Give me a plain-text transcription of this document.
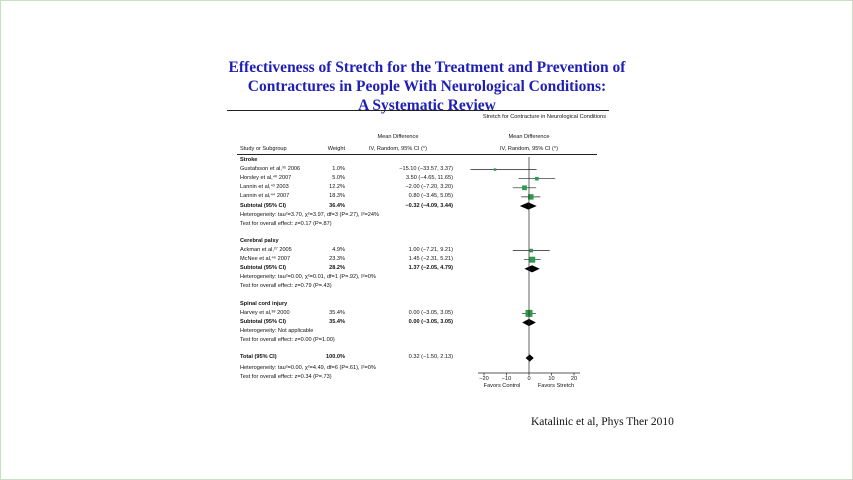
Effectiveness of Stretch for the Treatment and Prevention of
Contractures in People With Neurological Conditions:
A Systematic Review
Stretch for Contracture in Neurological Conditions
Mean Difference
Study or Subgroup	Weight	IV, Random, 95% CI (°)
Mean Difference
IV, Random, 95% CI (°)
Stroke
Gustafsson et al,³⁵ 2006	1.0%	−15.10 (−33.57, 3.37)
Horsley et al,⁴⁰ 2007	5.0%	3.50 (−4.65, 11.65)
Lannin et al,⁴³ 2003	12.2%	−2.00 (−7.20, 3.20)
Lannin et al,⁴⁴ 2007	18.3%	0.80 (−3.45, 5.05)
Subtotal (95% CI)	36.4%	−0.32 (−4.09, 3.44)
Heterogeneity: tau²=3.70, χ²=3.97, df=3 (P=.27), I²=24%
Test for overall effect: z=0.17 (P=.87)
Cerebral palsy
Ackman et al,²⁷ 2005	4.9%	1.00 (−7.21, 9.21)
McNee et al,⁴⁶ 2007	23.3%	1.45 (−2.31, 5.21)
Subtotal (95% CI)	28.2%	1.37 (−2.05, 4.79)
Heterogeneity: tau²=0.00, χ²=0.01, df=1 (P=.92), I²=0%
Test for overall effect: z=0.79 (P=.43)
Spinal cord injury
Harvey et al,³⁸ 2000	35.4%	0.00 (−3.05, 3.05)
Subtotal (95% CI)	35.4%	0.00 (−3.05, 3.05)
Heterogeneity: Not applicable
Test for overall effect: z=0.00 (P=1.00)
Total (95% CI)	100.0%	0.32 (−1.50, 2.13)
Heterogeneity: tau²=0.00, χ²=4.49, df=6 (P=.61), I²=0%
Test for overall effect: z=0.34 (P=.73)	−20	−10	0	10	20
Favors Control	Favors Stretch
Katalinic et al, Phys Ther 2010
